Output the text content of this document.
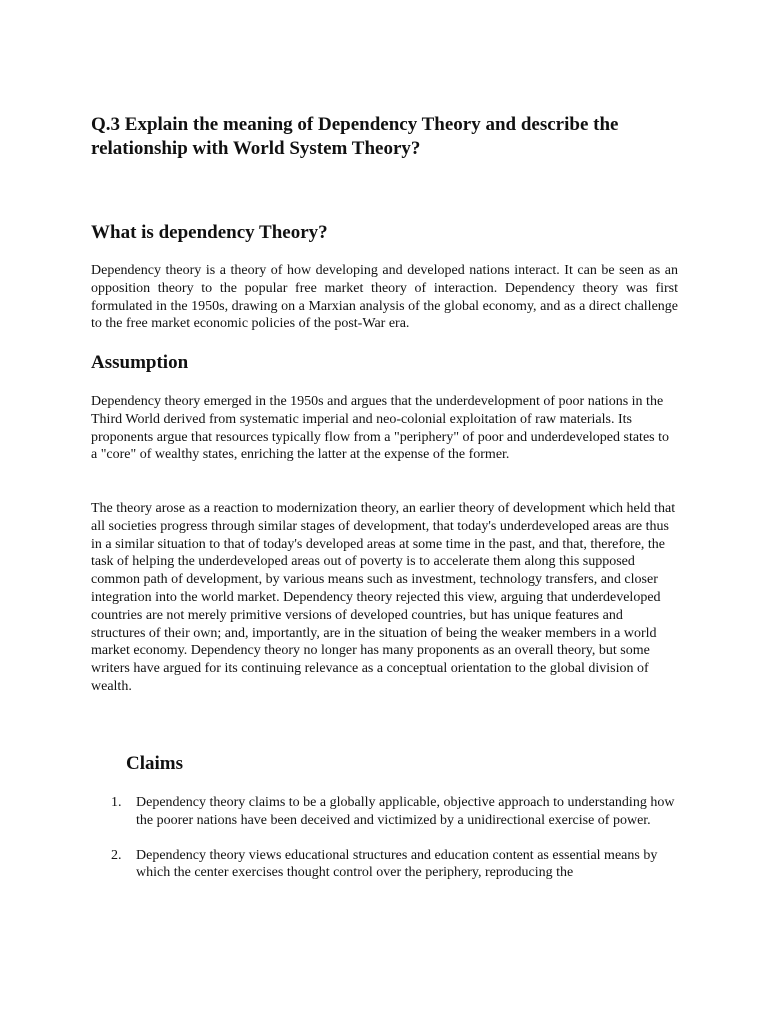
Q.3 Explain the meaning of Dependency Theory and describe the relationship with World System Theory?
What is dependency Theory?

Dependency theory is a theory of how developing and developed nations interact. It can be seen as an opposition theory to the popular free market theory of interaction. Dependency theory was first formulated in the 1950s, drawing on a Marxian analysis of the global economy, and as a direct challenge to the free market economic policies of the post-War era.

Assumption

Dependency theory emerged in the 1950s and argues that the underdevelopment of poor nations in the Third World derived from systematic imperial and neo-colonial exploitation of raw materials. Its proponents argue that resources typically flow from a "periphery" of poor and underdeveloped states to a "core" of wealthy states, enriching the latter at the expense of the former.

The theory arose as a reaction to modernization theory, an earlier theory of development which held that all societies progress through similar stages of development, that today's underdeveloped areas are thus in a similar situation to that of today's developed areas at some time in the past, and that, therefore, the task of helping the underdeveloped areas out of poverty is to accelerate them along this supposed common path of development, by various means such as investment, technology transfers, and closer integration into the world market. Dependency theory rejected this view, arguing that underdeveloped countries are not merely primitive versions of developed countries, but has unique features and structures of their own; and, importantly, are in the situation of being the weaker members in a world market economy. Dependency theory no longer has many proponents as an overall theory, but some writers have argued for its continuing relevance as a conceptual orientation to the global division of wealth.

Claims
1. Dependency theory claims to be a globally applicable, objective approach to understanding how the poorer nations have been deceived and victimized by a unidirectional exercise of power.
2. Dependency theory views educational structures and education content as essential means by which the center exercises thought control over the periphery, reproducing the
